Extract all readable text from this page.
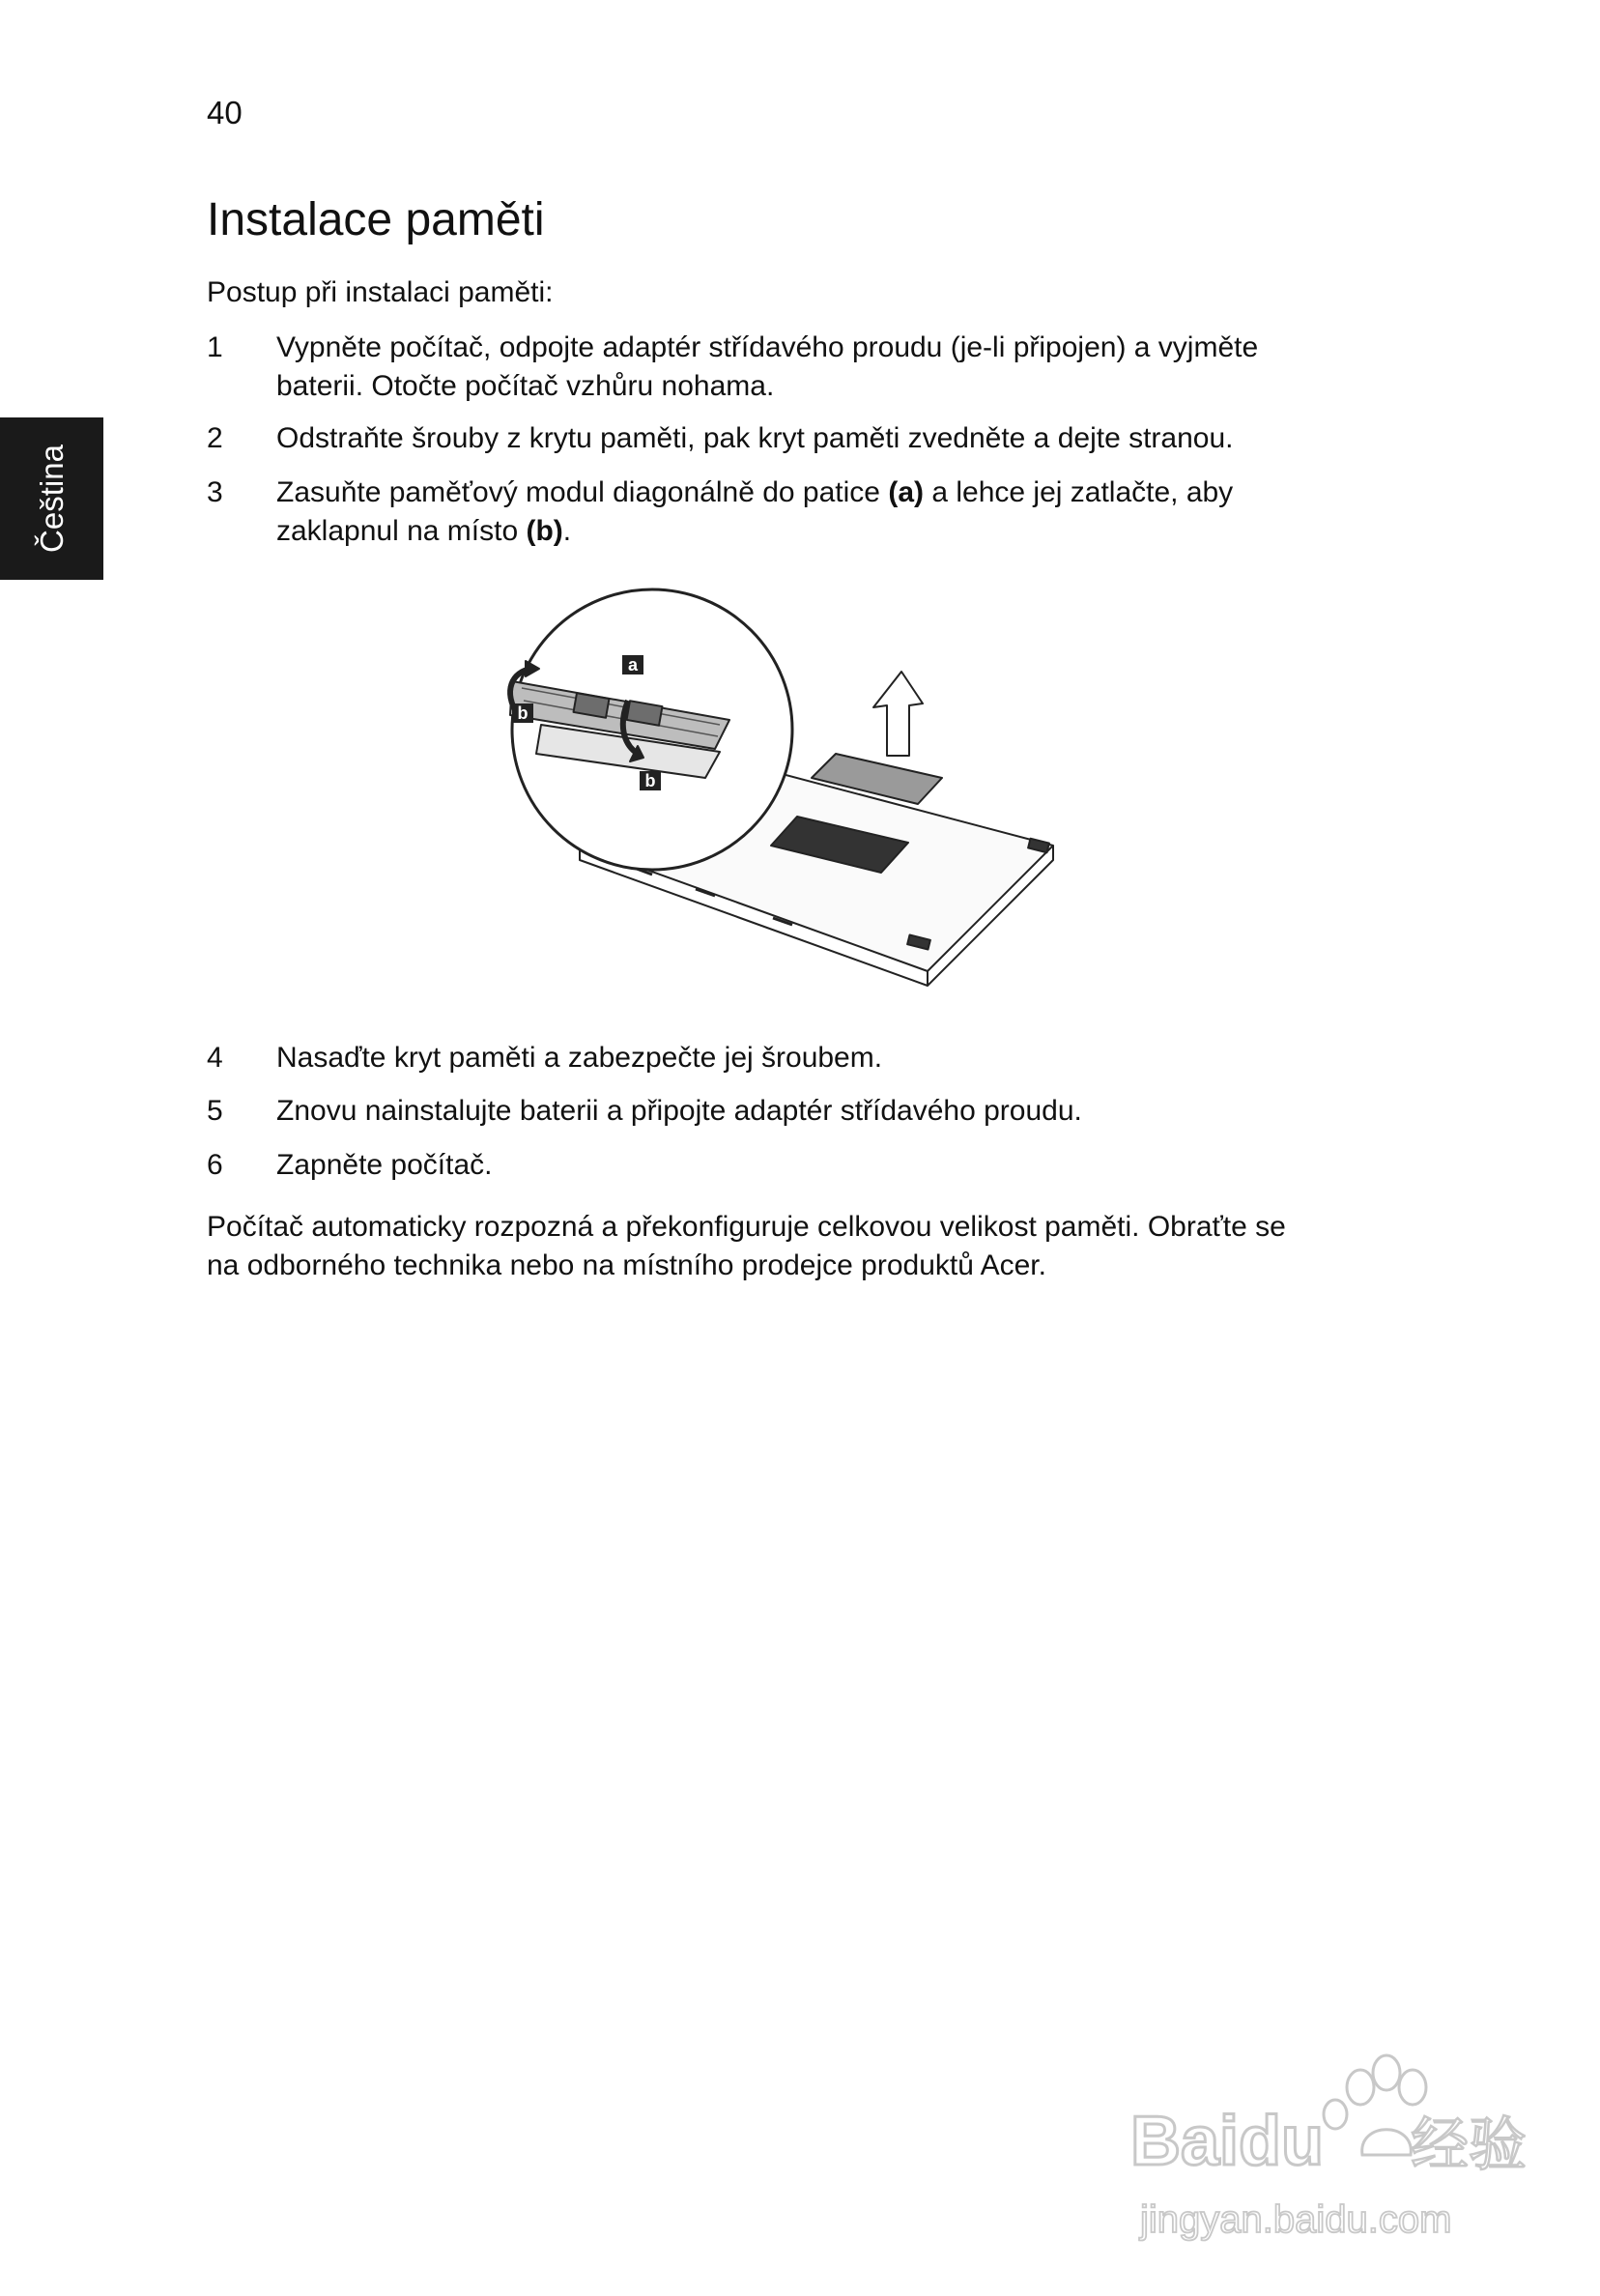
40
Čeština
Instalace paměti

Postup při instalaci paměti:

1 Vypněte počítač, odpojte adaptér střídavého proudu (je-li připojen) a vyjměte
baterii. Otočte počítač vzhůru nohama.
2 Odstraňte šrouby z krytu paměti, pak kryt paměti zvedněte a dejte stranou.
3 Zasuňte paměťový modul diagonálně do patice (a) a lehce jej zatlačte, aby
zaklapnul na místo (b).
a
b
b
4 Nasaďte kryt paměti a zabezpečte jej šroubem.
5 Znovu nainstalujte baterii a připojte adaptér střídavého proudu.
6 Zapněte počítač.
Počítač automaticky rozpozná a překonfiguruje celkovou velikost paměti. Obraťte se
na odborného technika nebo na místního prodejce produktů Acer.
Baidu 经验
jingyan.baidu.com
